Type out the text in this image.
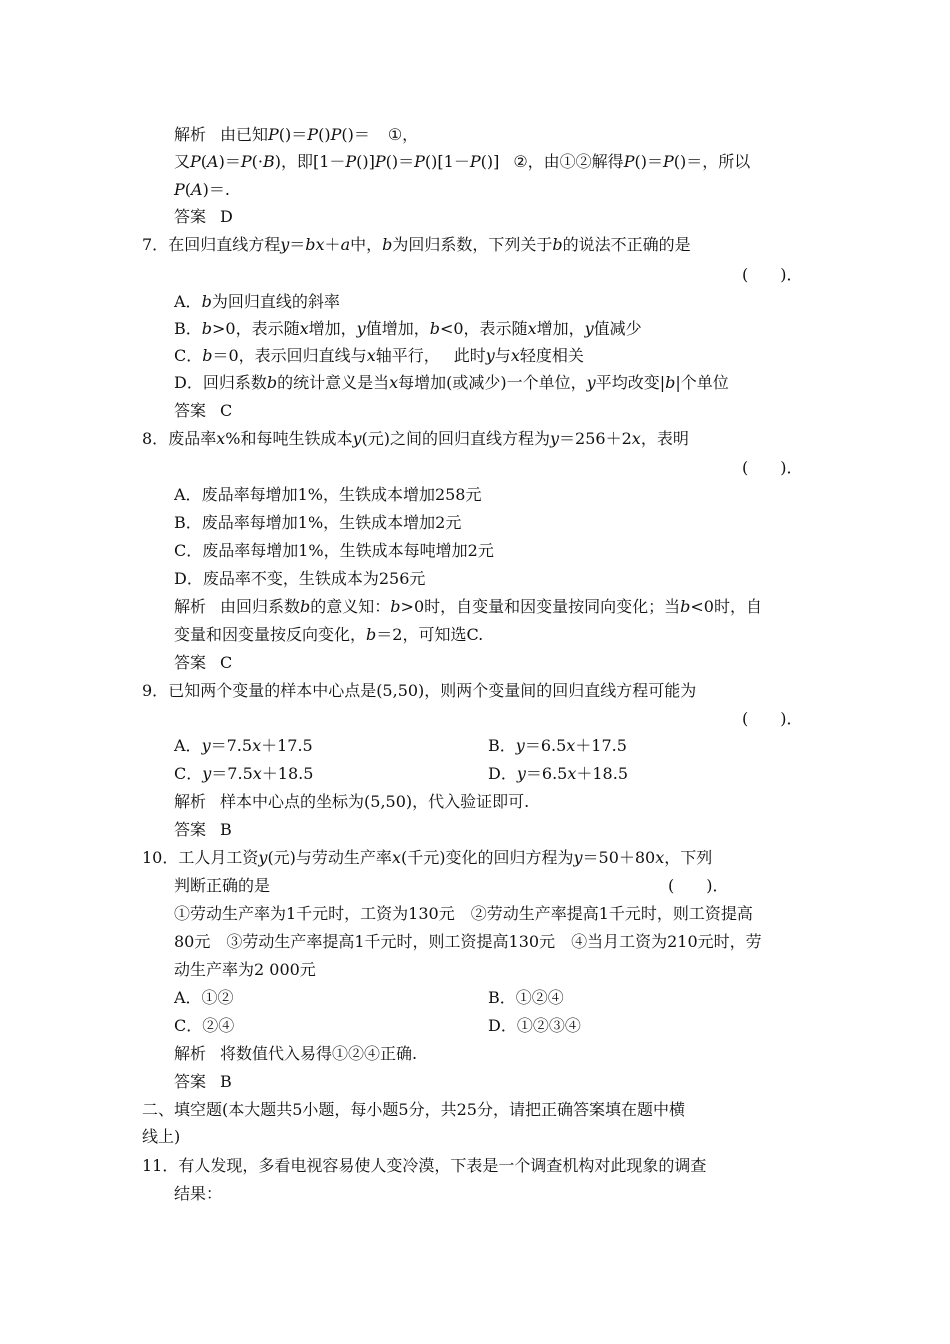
解析 由已知P()＝P()P()＝ ①，
又P(A)＝P(·B)，即[1－P()]P()＝P()[1－P()] ②，由①②解得P()＝P()＝，所以
P(A)＝.
答案 D
7．在回归直线方程y＝bx＋a中，b为回归系数，下列关于b的说法不正确的是
(　　)．
A．b为回归直线的斜率
B．b>0，表示随x增加，y值增加，b<0，表示随x增加，y值减少
C．b＝0，表示回归直线与x轴平行， 此时y与x轻度相关
D．回归系数b的统计意义是当x每增加(或减少)一个单位，y平均改变|b|个单位
答案 C
8．废品率x%和每吨生铁成本y(元)之间的回归直线方程为y＝256＋2x，表明
(　　)．
A．废品率每增加1%，生铁成本增加258元
B．废品率每增加1%，生铁成本增加2元
C．废品率每增加1%，生铁成本每吨增加2元
D．废品率不变，生铁成本为256元
解析 由回归系数b的意义知：b>0时，自变量和因变量按同向变化；当b<0时，自
变量和因变量按反向变化，b＝2，可知选C.
答案 C
9．已知两个变量的样本中心点是(5,50)，则两个变量间的回归直线方程可能为
(　　)．
A．y＝7.5x＋17.5	B．y＝6.5x＋17.5
C．y＝7.5x＋18.5	D．y＝6.5x＋18.5
解析 样本中心点的坐标为(5,50)，代入验证即可.
答案 B
10．工人月工资y(元)与劳动生产率x(千元)变化的回归方程为y＝50＋80x，下列
判断正确的是	(　　)．
①劳动生产率为1千元时，工资为130元　②劳动生产率提高1千元时，则工资提高
80元　③劳动生产率提高1千元时，则工资提高130元　④当月工资为210元时，劳
动生产率为2 000元
A．①②	B．①②④
C．②④	D．①②③④
解析 将数值代入易得①②④正确.
答案 B
二、填空题(本大题共5小题，每小题5分，共25分，请把正确答案填在题中横
线上)
11．有人发现，多看电视容易使人变冷漠，下表是一个调查机构对此现象的调查
结果：
